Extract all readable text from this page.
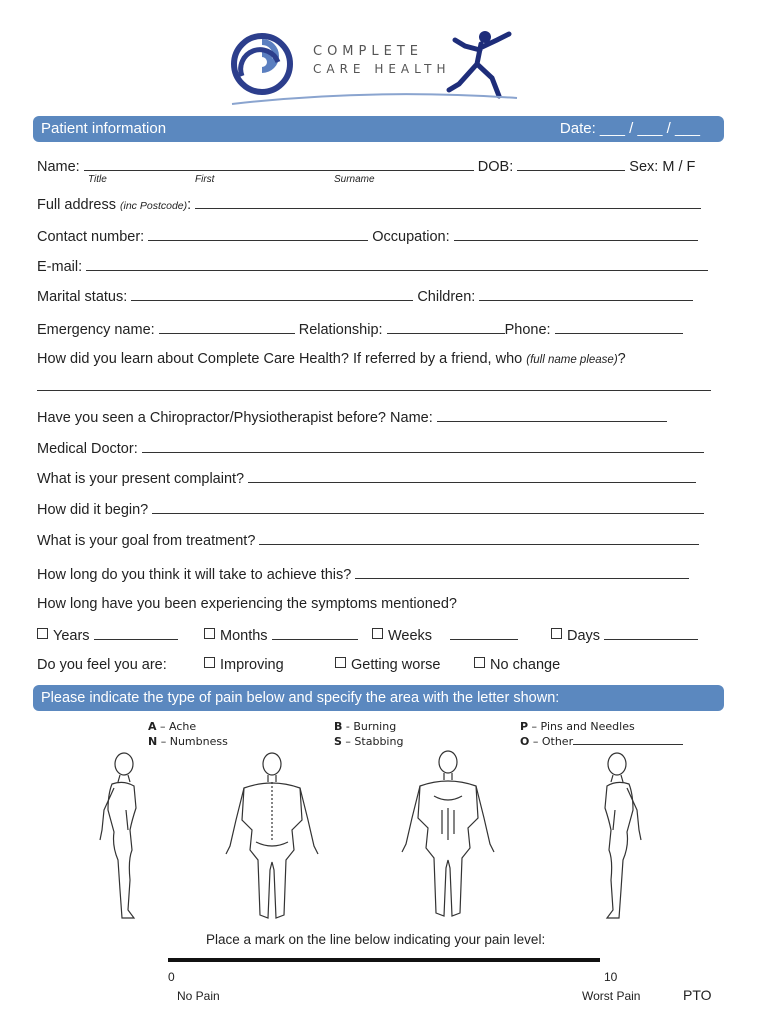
COMPLETE
CARE HEALTH
Patient information	Date: ___ / ___ / ___
Name:	DOB:	Sex: M / F
Title	First	Surname
Full address (inc Postcode):
Contact number:	Occupation:
E-mail:
Marital status:	Children:
Emergency name:	Relationship:	Phone:
How did you learn about Complete Care Health? If referred by a friend, who (full name please)?
Have you seen a Chiropractor/Physiotherapist before? Name:
Medical Doctor:
What is your present complaint?
How did it begin?
What is your goal from treatment?
How long do you think it will take to achieve this?
How long have you been experiencing the symptoms mentioned?
Years	Months	Weeks	Days
Do you feel you are:	Improving	Getting worse	No change
Please indicate the type of pain below and specify the area with the letter shown:
A – Ache
N – Numbness
B - Burning
S – Stabbing
P – Pins and Needles
O – Other
Place a mark on the line below indicating your pain level:
0	10
No Pain	Worst Pain	PTO
